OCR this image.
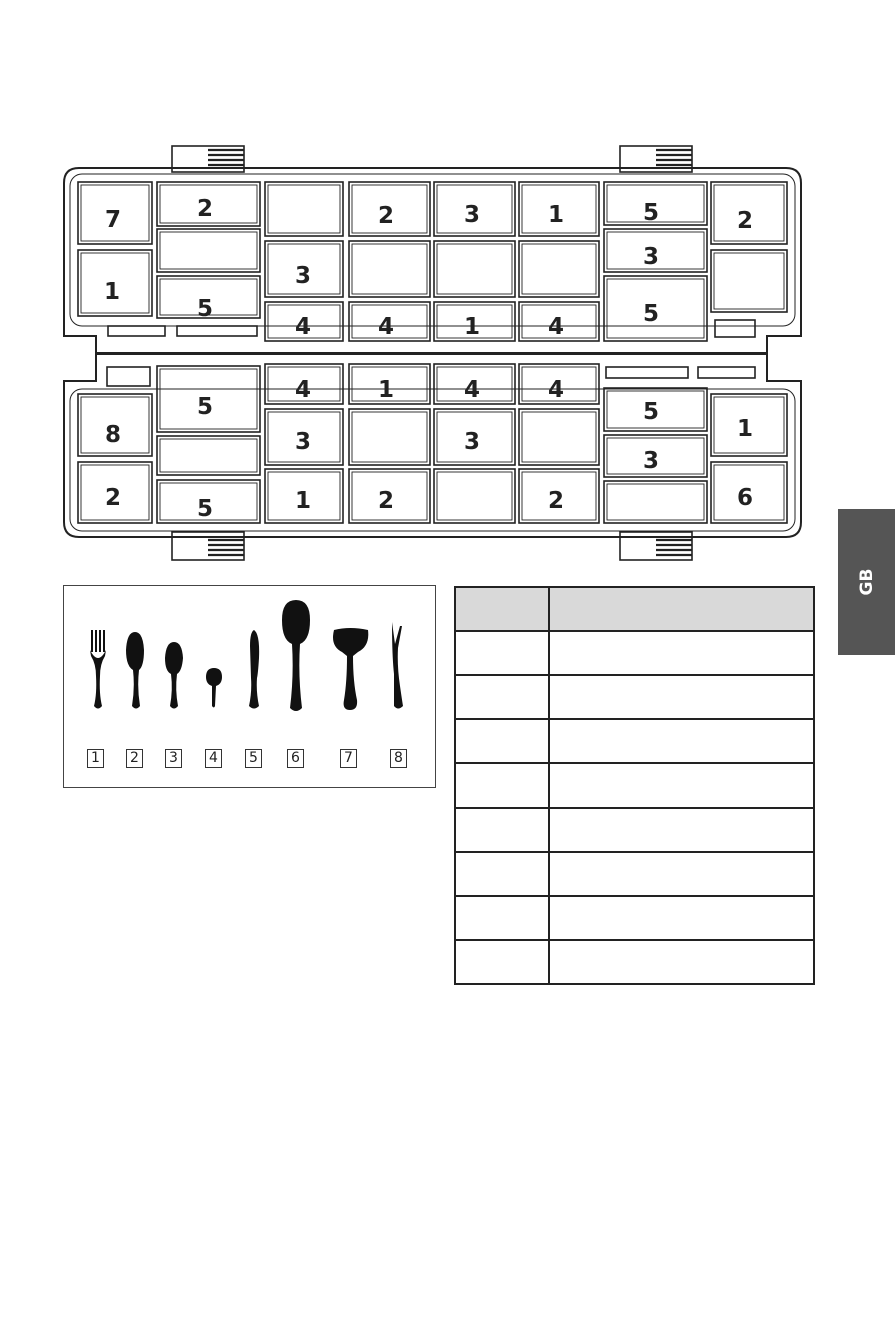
7	2	2	3	1	5	2
1
3
3
5	5
4	4	1	4
4	1	4	4
5
8
5
1
3	3
3
2	1	2	2	6
5
1 2 3 4 5 6	7	8

GB
